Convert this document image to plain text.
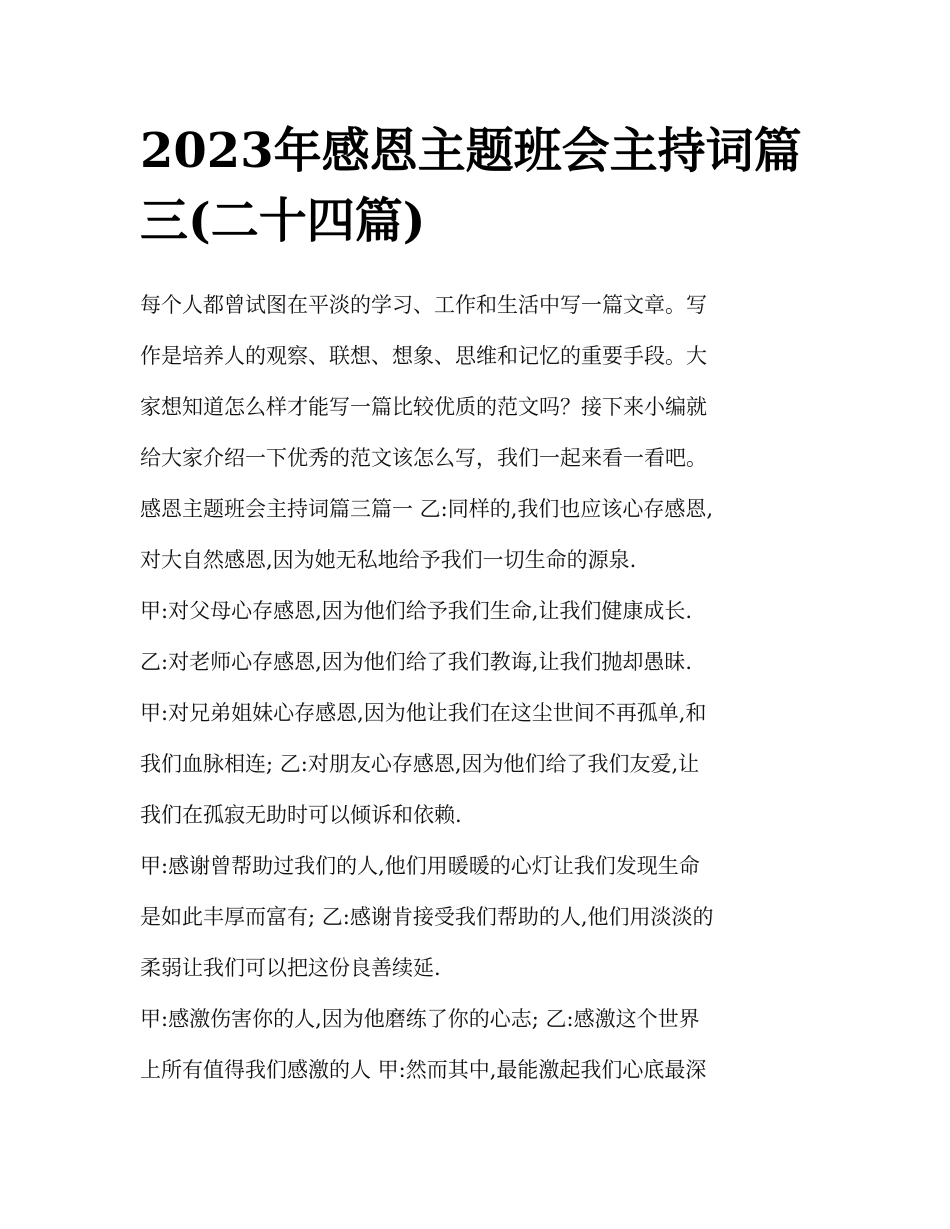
2023年感恩主题班会主持词篇
三(二十四篇)
每个人都曾试图在平淡的学习、工作和生活中写一篇文章。写
作是培养人的观察、联想、想象、思维和记忆的重要手段。大
家想知道怎么样才能写一篇比较优质的范文吗？接下来小编就
给大家介绍一下优秀的范文该怎么写，我们一起来看一看吧。
感恩主题班会主持词篇三篇一 乙:同样的,我们也应该心存感恩,
对大自然感恩,因为她无私地给予我们一切生命的源泉.
甲:对父母心存感恩,因为他们给予我们生命,让我们健康成长.
乙:对老师心存感恩,因为他们给了我们教诲,让我们抛却愚昧.
甲:对兄弟姐妹心存感恩,因为他让我们在这尘世间不再孤单,和
我们血脉相连; 乙:对朋友心存感恩,因为他们给了我们友爱,让
我们在孤寂无助时可以倾诉和依赖.
甲:感谢曾帮助过我们的人,他们用暖暖的心灯让我们发现生命
是如此丰厚而富有; 乙:感谢肯接受我们帮助的人,他们用淡淡的
柔弱让我们可以把这份良善续延.
甲:感激伤害你的人,因为他磨练了你的心志; 乙:感激这个世界
上所有值得我们感激的人 甲:然而其中,最能激起我们心底最深
